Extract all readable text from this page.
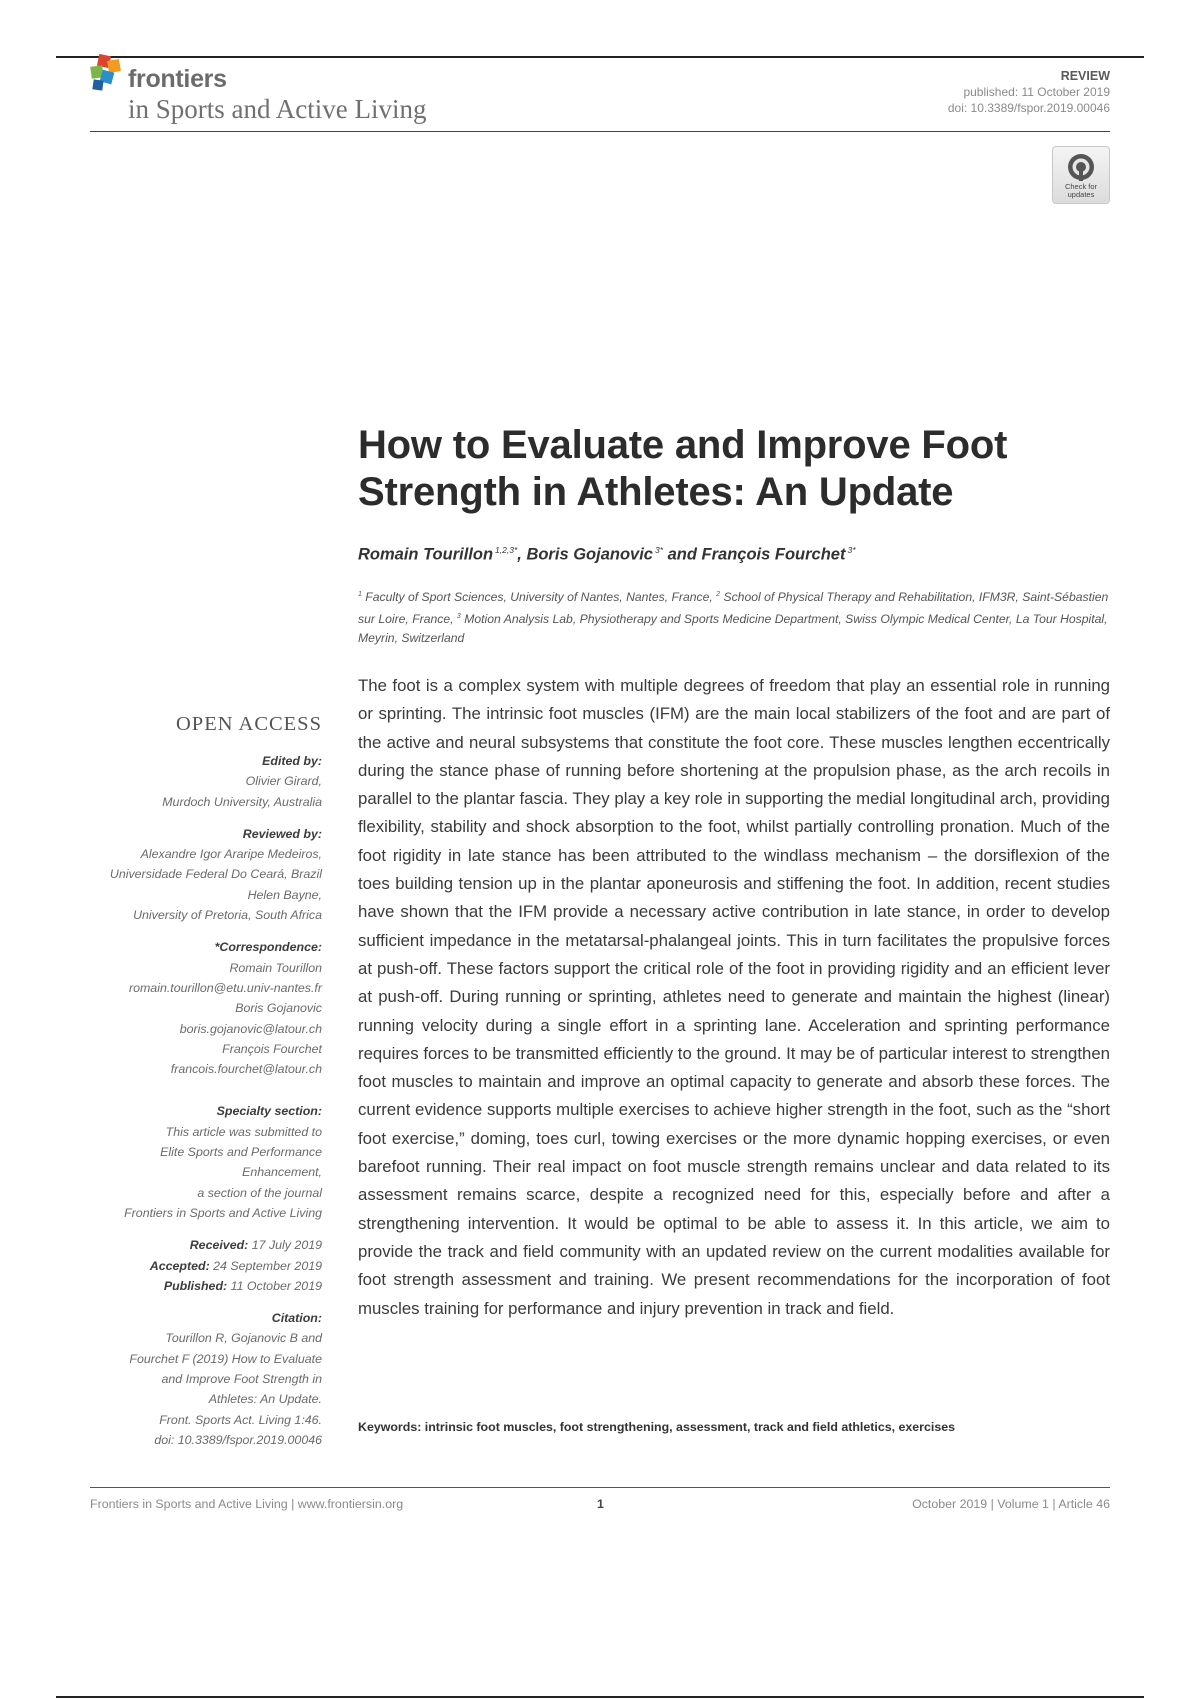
frontiers
in Sports and Active Living
REVIEW
published: 11 October 2019
doi: 10.3389/fspor.2019.00046
Check for updates
How to Evaluate and Improve Foot
Strength in Athletes: An Update
Romain Tourillon $^{1,2,3*}$, Boris Gojanovic $^{3*}$ and François Fourchet $^{3*}$
$^1$ Faculty of Sport Sciences, University of Nantes, Nantes, France, $^2$ School of Physical Therapy and Rehabilitation, IFM3R, Saint-Sébastien sur Loire, France, $^3$ Motion Analysis Lab, Physiotherapy and Sports Medicine Department, Swiss Olympic Medical Center, La Tour Hospital, Meyrin, Switzerland
OPEN ACCESS
Edited by:
Olivier Girard,
Murdoch University, Australia
Reviewed by:
Alexandre Igor Araripe Medeiros,
Universidade Federal Do Ceará, Brazil
Helen Bayne,
University of Pretoria, South Africa
*Correspondence:
Romain Tourillon
romain.tourillon@etu.univ-nantes.fr
Boris Gojanovic
boris.gojanovic@latour.ch
François Fourchet
francois.fourchet@latour.ch
Specialty section:
This article was submitted to
Elite Sports and Performance
Enhancement,
a section of the journal
Frontiers in Sports and Active Living
Received: 17 July 2019
Accepted: 24 September 2019
Published: 11 October 2019
Citation:
Tourillon R, Gojanovic B and
Fourchet F (2019) How to Evaluate
and Improve Foot Strength in
Athletes: An Update.
Front. Sports Act. Living 1:46.
doi: 10.3389/fspor.2019.00046

The foot is a complex system with multiple degrees of freedom that play an essential role in running or sprinting. The intrinsic foot muscles (IFM) are the main local stabilizers of the foot and are part of the active and neural subsystems that constitute the foot core. These muscles lengthen eccentrically during the stance phase of running before shortening at the propulsion phase, as the arch recoils in parallel to the plantar fascia. They play a key role in supporting the medial longitudinal arch, providing flexibility, stability and shock absorption to the foot, whilst partially controlling pronation. Much of the foot rigidity in late stance has been attributed to the windlass mechanism – the dorsiflexion of the toes building tension up in the plantar aponeurosis and stiffening the foot. In addition, recent studies have shown that the IFM provide a necessary active contribution in late stance, in order to develop sufficient impedance in the metatarsal-phalangeal joints. This in turn facilitates the propulsive forces at push-off. These factors support the critical role of the foot in providing rigidity and an efficient lever at push-off. During running or sprinting, athletes need to generate and maintain the highest (linear) running velocity during a single effort in a sprinting lane. Acceleration and sprinting performance requires forces to be transmitted efficiently to the ground. It may be of particular interest to strengthen foot muscles to maintain and improve an optimal capacity to generate and absorb these forces. The current evidence supports multiple exercises to achieve higher strength in the foot, such as the “short foot exercise,” doming, toes curl, towing exercises or the more dynamic hopping exercises, or even barefoot running. Their real impact on foot muscle strength remains unclear and data related to its assessment remains scarce, despite a recognized need for this, especially before and after a strengthening intervention. It would be optimal to be able to assess it. In this article, we aim to provide the track and field community with an updated review on the current modalities available for foot strength assessment and training. We present recommendations for the incorporation of foot muscles training for performance and injury prevention in track and field.

Keywords: intrinsic foot muscles, foot strengthening, assessment, track and field athletics, exercises
Frontiers in Sports and Active Living | www.frontiersin.org	1	October 2019 | Volume 1 | Article 46
